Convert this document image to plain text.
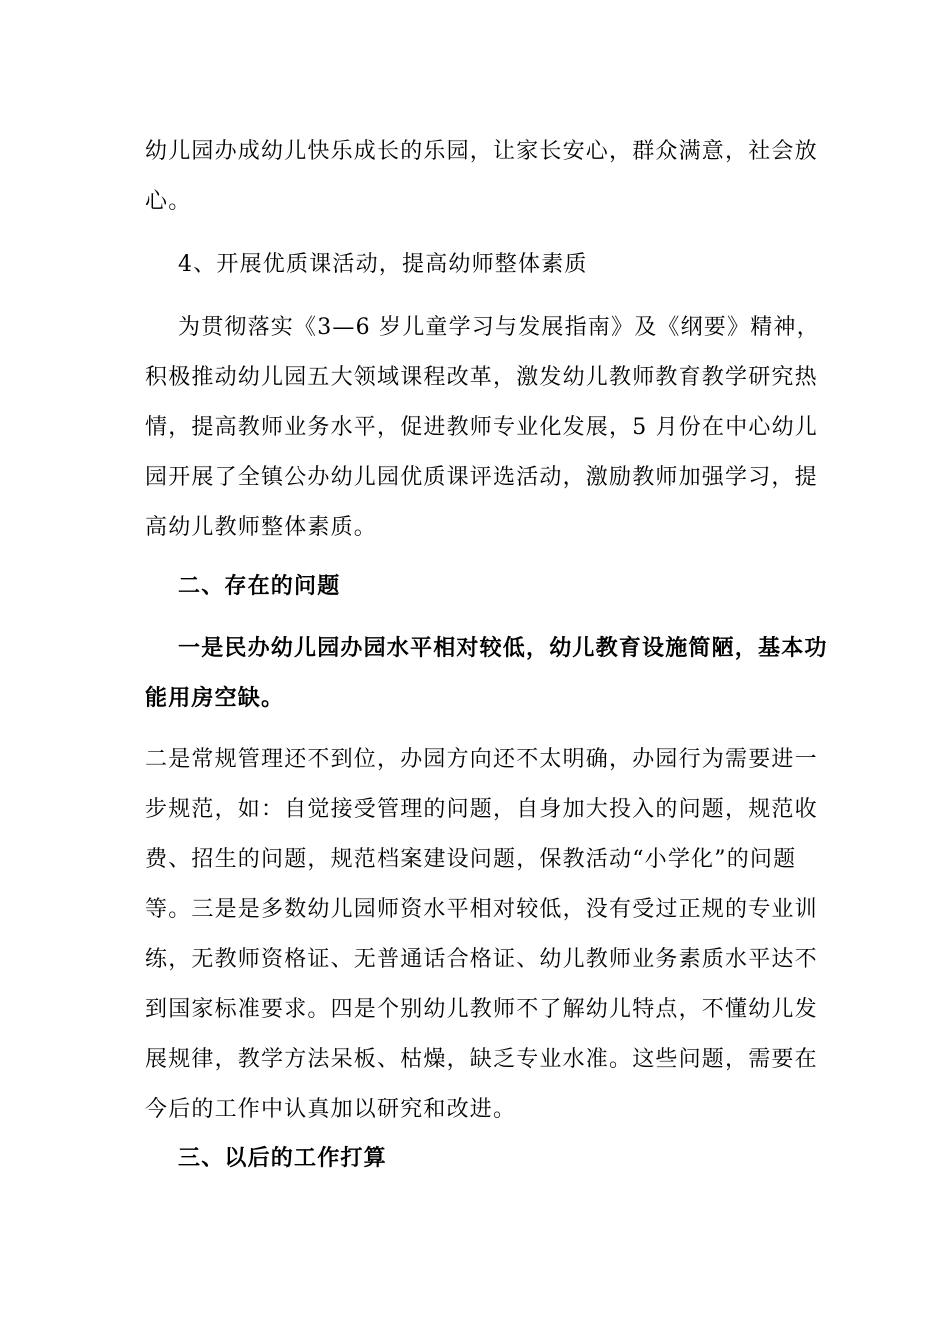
幼儿园办成幼儿快乐成长的乐园，让家长安心，群众满意，社会放
心。
4、开展优质课活动，提高幼师整体素质
为贯彻落实《3—6 岁儿童学习与发展指南》及《纲要》精神，
积极推动幼儿园五大领域课程改革，激发幼儿教师教育教学研究热
情，提高教师业务水平，促进教师专业化发展，5 月份在中心幼儿
园开展了全镇公办幼儿园优质课评选活动，激励教师加强学习，提
高幼儿教师整体素质。
二、存在的问题
一是民办幼儿园办园水平相对较低，幼儿教育设施简陋，基本功
能用房空缺。
二是常规管理还不到位，办园方向还不太明确，办园行为需要进一
步规范，如：自觉接受管理的问题，自身加大投入的问题，规范收
费、招生的问题，规范档案建设问题，保教活动“小学化”的问题
等。三是是多数幼儿园师资水平相对较低，没有受过正规的专业训
练，无教师资格证、无普通话合格证、幼儿教师业务素质水平达不
到国家标准要求。四是个别幼儿教师不了解幼儿特点，不懂幼儿发
展规律，教学方法呆板、枯燥，缺乏专业水准。这些问题，需要在
今后的工作中认真加以研究和改进。
三、以后的工作打算
